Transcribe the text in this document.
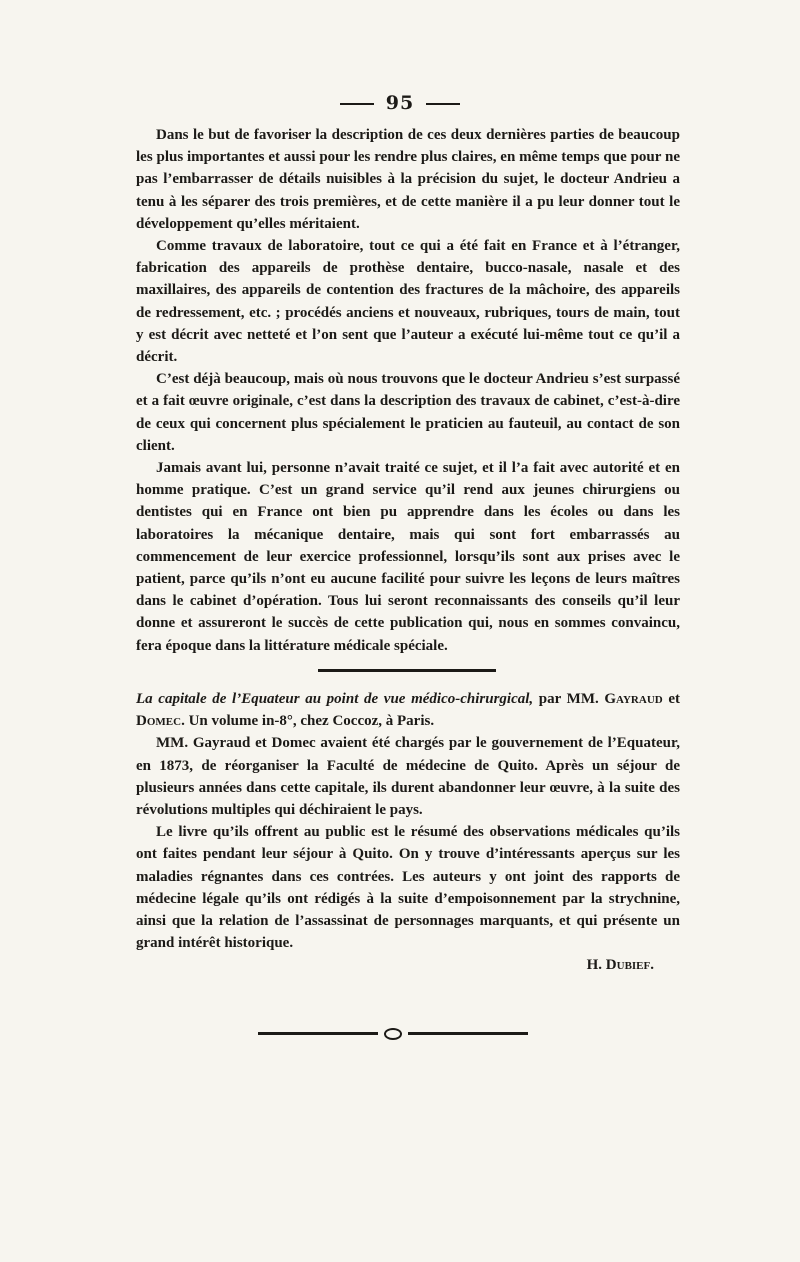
95

Dans le but de favoriser la description de ces deux dernières parties de beaucoup les plus importantes et aussi pour les rendre plus claires, en même temps que pour ne pas l’embarrasser de détails nuisibles à la précision du sujet, le docteur Andrieu a tenu à les séparer des trois premières, et de cette manière il a pu leur donner tout le développement qu’elles méritaient.

Comme travaux de laboratoire, tout ce qui a été fait en France et à l’étranger, fabrication des appareils de prothèse dentaire, bucco-nasale, nasale et des maxillaires, des appareils de contention des fractures de la mâchoire, des appareils de redressement, etc. ; procédés anciens et nouveaux, rubriques, tours de main, tout y est décrit avec netteté et l’on sent que l’auteur a exécuté lui-même tout ce qu’il a décrit.

C’est déjà beaucoup, mais où nous trouvons que le docteur Andrieu s’est surpassé et a fait œuvre originale, c’est dans la description des travaux de cabinet, c’est-à-dire de ceux qui concernent plus spécialement le praticien au fauteuil, au contact de son client.

Jamais avant lui, personne n’avait traité ce sujet, et il l’a fait avec autorité et en homme pratique. C’est un grand service qu’il rend aux jeunes chirurgiens ou dentistes qui en France ont bien pu apprendre dans les écoles ou dans les laboratoires la mécanique dentaire, mais qui sont fort embarrassés au commencement de leur exercice professionnel, lorsqu’ils sont aux prises avec le patient, parce qu’ils n’ont eu aucune facilité pour suivre les leçons de leurs maîtres dans le cabinet d’opération. Tous lui seront reconnaissants des conseils qu’il leur donne et assureront le succès de cette publication qui, nous en sommes convaincu, fera époque dans la littérature médicale spéciale.

La capitale de l’Equateur au point de vue médico-chirurgical, par MM. Gayraud et Domec. Un volume in-8°, chez Coccoz, à Paris.

MM. Gayraud et Domec avaient été chargés par le gouvernement de l’Equateur, en 1873, de réorganiser la Faculté de médecine de Quito. Après un séjour de plusieurs années dans cette capitale, ils durent abandonner leur œuvre, à la suite des révolutions multiples qui déchiraient le pays.

Le livre qu’ils offrent au public est le résumé des observations médicales qu’ils ont faites pendant leur séjour à Quito. On y trouve d’intéressants aperçus sur les maladies régnantes dans ces contrées. Les auteurs y ont joint des rapports de médecine légale qu’ils ont rédigés à la suite d’empoisonnement par la strychnine, ainsi que la relation de l’assassinat de personnages marquants, et qui présente un grand intérêt historique.

H. Dubief.
